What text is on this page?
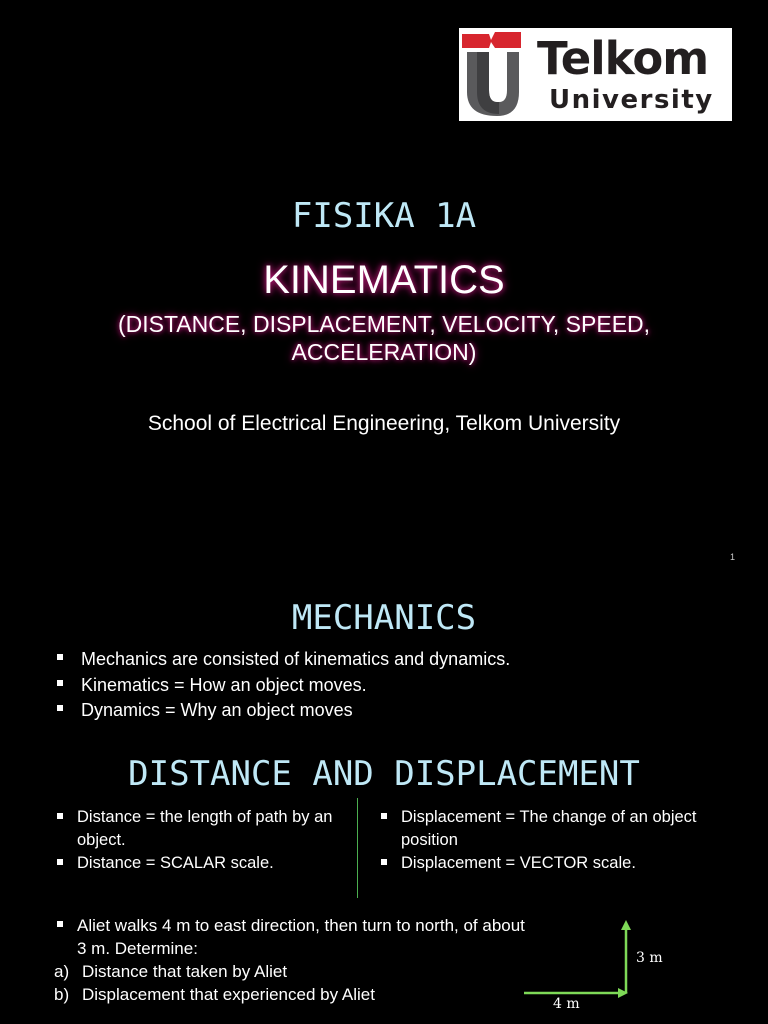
Telkom
University
FISIKA 1A
KINEMATICS
(DISTANCE, DISPLACEMENT, VELOCITY, SPEED, ACCELERATION)
School of Electrical Engineering, Telkom University
1
MECHANICS
Mechanics are consisted of kinematics and dynamics.
Kinematics = How an object moves.
Dynamics = Why an object moves
DISTANCE AND DISPLACEMENT
Distance = the length of path by an object.
Distance = SCALAR scale.
Displacement = The change of an object position
Displacement = VECTOR scale.
Aliet walks 4 m to east direction, then turn to north, of about 3 m. Determine:
a) Distance that taken by Aliet
b) Displacement that experienced by Aliet
3 m
4 m
